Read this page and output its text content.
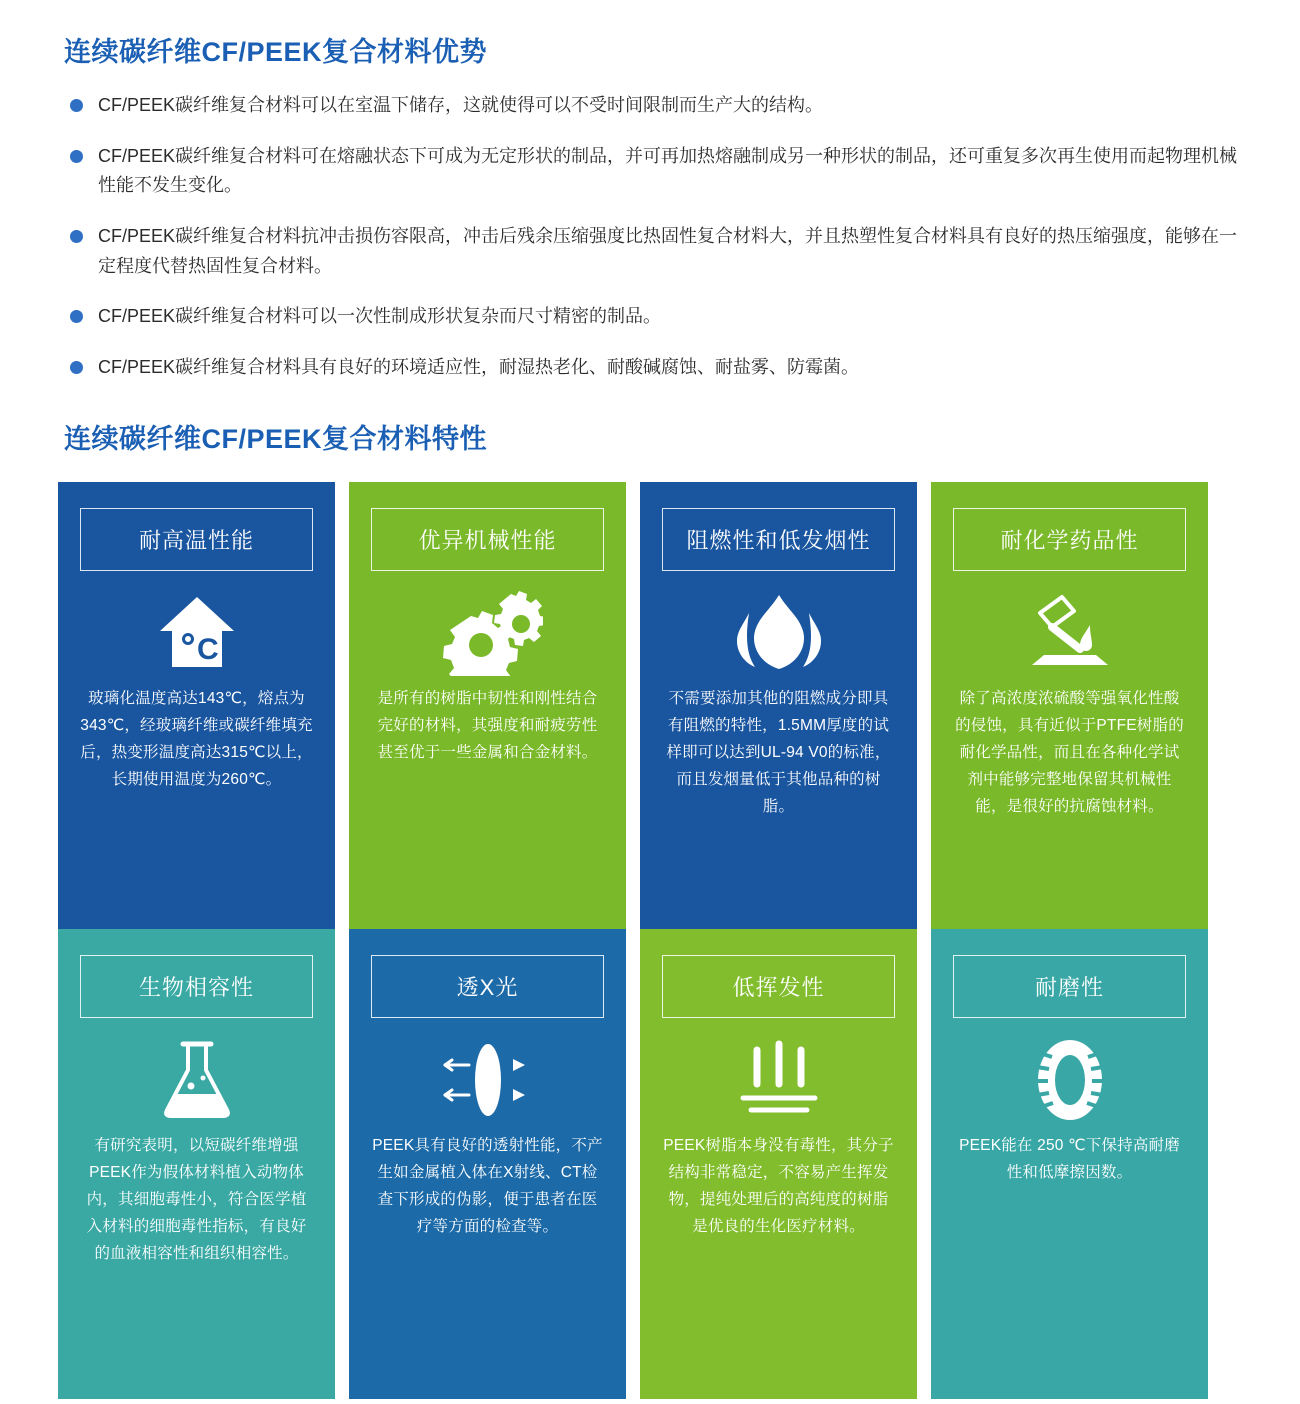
连续碳纤维CF/PEEK复合材料优势
CF/PEEK碳纤维复合材料可以在室温下储存，这就使得可以不受时间限制而生产大的结构。
CF/PEEK碳纤维复合材料可在熔融状态下可成为无定形状的制品，并可再加热熔融制成另一种形状的制品，还可重复多次再生使用而起物理机械性能不发生变化。
CF/PEEK碳纤维复合材料抗冲击损伤容限高，冲击后残余压缩强度比热固性复合材料大，并且热塑性复合材料具有良好的热压缩强度，能够在一定程度代替热固性复合材料。
CF/PEEK碳纤维复合材料可以一次性制成形状复杂而尺寸精密的制品。
CF/PEEK碳纤维复合材料具有良好的环境适应性，耐湿热老化、耐酸碱腐蚀、耐盐雾、防霉菌。
连续碳纤维CF/PEEK复合材料特性
耐高温性能
C
玻璃化温度高达143℃，熔点为343℃，经玻璃纤维或碳纤维填充后，热变形温度高达315℃以上，长期使用温度为260℃。
生物相容性
有研究表明，以短碳纤维增强PEEK作为假体材料植入动物体内，其细胞毒性小，符合医学植入材料的细胞毒性指标，有良好的血液相容性和组织相容性。
优异机械性能
是所有的树脂中韧性和刚性结合完好的材料，其强度和耐疲劳性甚至优于一些金属和合金材料。
透X光
PEEK具有良好的透射性能，不产生如金属植入体在X射线、CT检查下形成的伪影，便于患者在医疗等方面的检查等。
阻燃性和低发烟性
不需要添加其他的阻燃成分即具有阻燃的特性，1.5MM厚度的试样即可以达到UL-94 V0的标准，而且发烟量低于其他品种的树脂。
低挥发性
PEEK树脂本身没有毒性，其分子结构非常稳定，不容易产生挥发物，提纯处理后的高纯度的树脂是优良的生化医疗材料。
耐化学药品性
除了高浓度浓硫酸等强氧化性酸的侵蚀，具有近似于PTFE树脂的耐化学品性，而且在各种化学试剂中能够完整地保留其机械性能，是很好的抗腐蚀材料。
耐磨性
PEEK能在 250 ℃下保持高耐磨性和低摩擦因数。
